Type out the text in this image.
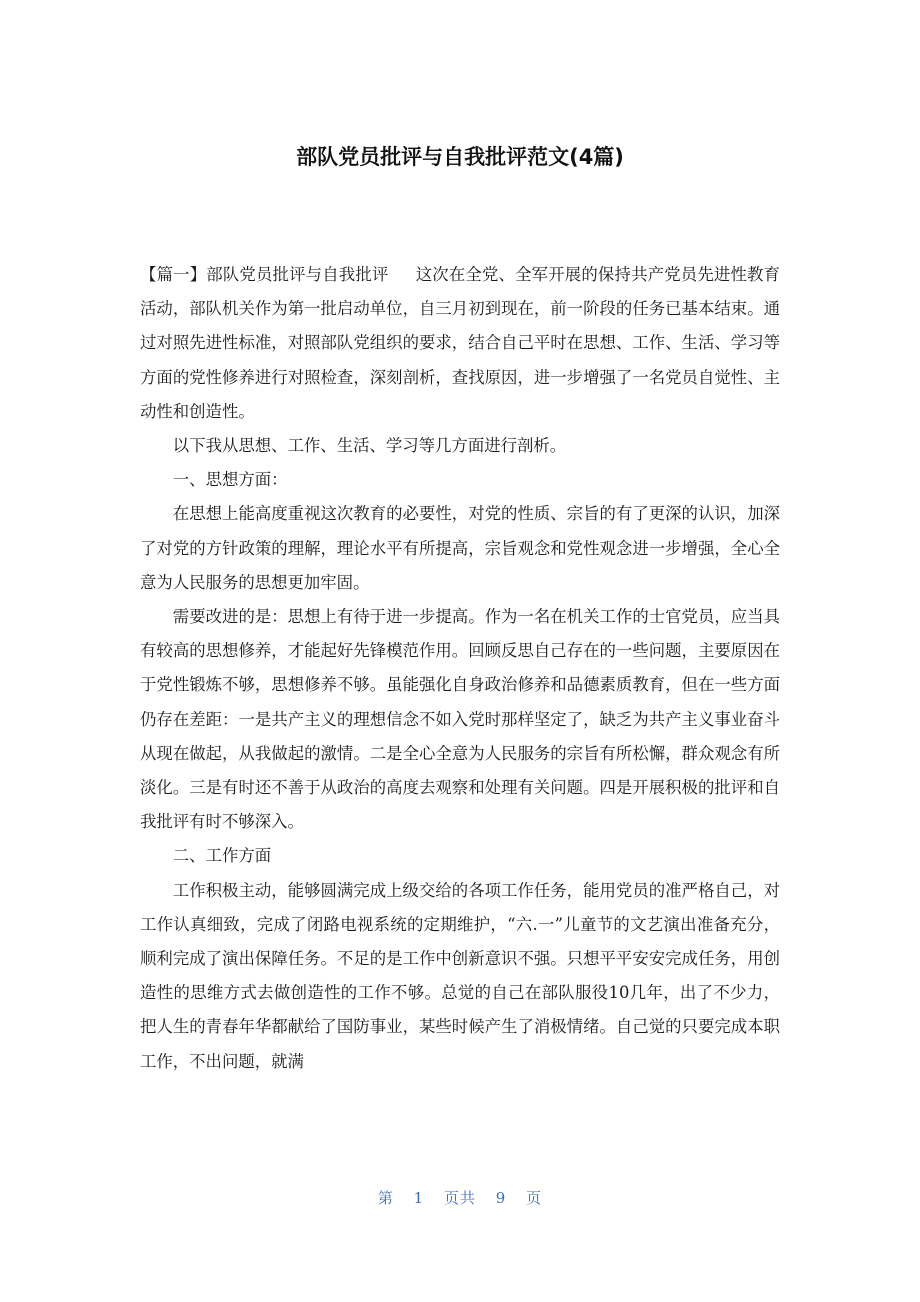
部队党员批评与自我批评范文(4篇)

【篇一】部队党员批评与自我批评 这次在全党、全军开展的保持共产党员先进性教育活动，部队机关作为第一批启动单位，自三月初到现在，前一阶段的任务已基本结束。通过对照先进性标准，对照部队党组织的要求，结合自己平时在思想、工作、生活、学习等方面的党性修养进行对照检查，深刻剖析，查找原因，进一步增强了一名党员自觉性、主动性和创造性。

以下我从思想、工作、生活、学习等几方面进行剖析。

一、思想方面：

在思想上能高度重视这次教育的必要性，对党的性质、宗旨的有了更深的认识，加深了对党的方针政策的理解，理论水平有所提高，宗旨观念和党性观念进一步增强，全心全意为人民服务的思想更加牢固。

需要改进的是：思想上有待于进一步提高。作为一名在机关工作的士官党员，应当具有较高的思想修养，才能起好先锋模范作用。回顾反思自己存在的一些问题，主要原因在于党性锻炼不够，思想修养不够。虽能强化自身政治修养和品德素质教育，但在一些方面仍存在差距：一是共产主义的理想信念不如入党时那样坚定了，缺乏为共产主义事业奋斗从现在做起，从我做起的激情。二是全心全意为人民服务的宗旨有所松懈，群众观念有所淡化。三是有时还不善于从政治的高度去观察和处理有关问题。四是开展积极的批评和自我批评有时不够深入。

二、工作方面

工作积极主动，能够圆满完成上级交给的各项工作任务，能用党员的准严格自己，对工作认真细致，完成了闭路电视系统的定期维护，“六.一”儿童节的文艺演出准备充分，顺利完成了演出保障任务。不足的是工作中创新意识不强。只想平平安安完成任务，用创造性的思维方式去做创造性的工作不够。总觉的自己在部队服役10几年，出了不少力，把人生的青春年华都献给了国防事业，某些时候产生了消极情绪。自己觉的只要完成本职工作，不出问题，就满

第 1 页共 9 页
